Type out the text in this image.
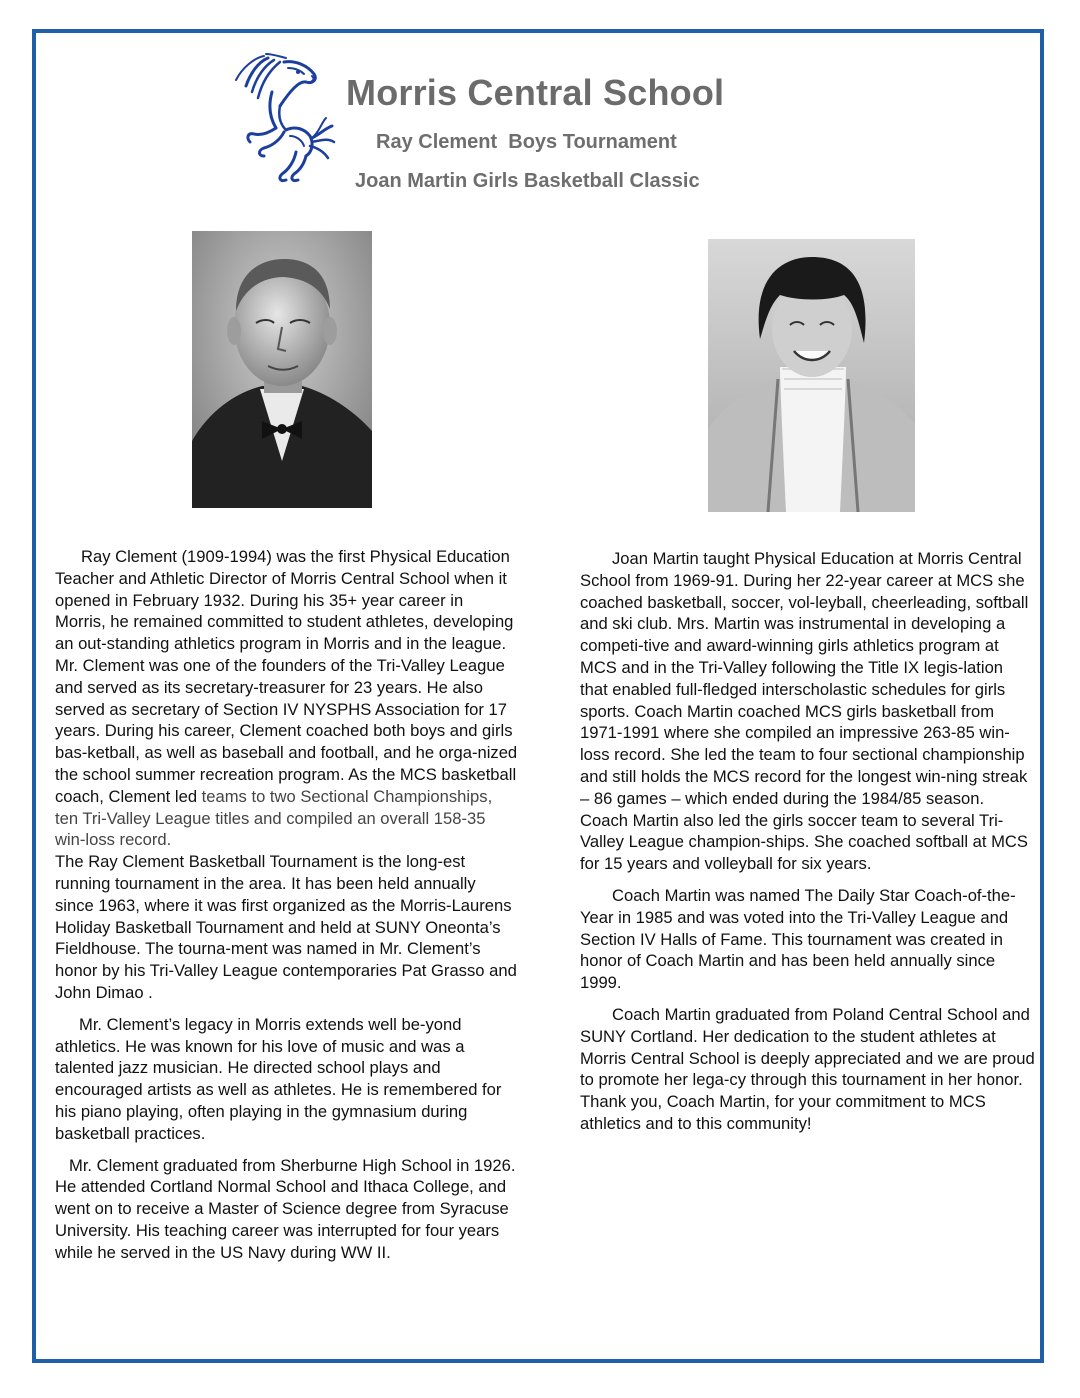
Morris Central School
Ray Clement  Boys Tournament
Joan Martin Girls Basketball Classic

Ray Clement (1909-1994) was the first Physical Education Teacher and Athletic Director of Morris Central School when it opened in February 1932. During his 35+ year career in Morris, he remained committed to student athletes, developing an out-standing athletics program in Morris and in the league. Mr. Clement was one of the founders of the Tri-Valley League and served as its secretary-treasurer for 23 years. He also served as secretary of Section IV NYSPHS Association for 17 years. During his career, Clement coached both boys and girls bas-ketball, as well as baseball and football, and he orga-nized the school summer recreation program. As the MCS basketball coach, Clement led teams to two Sectional Championships, ten Tri-Valley League titles and compiled an overall 158-35 win-loss record.
The Ray Clement Basketball Tournament is the long-est running tournament in the area. It has been held annually since 1963, where it was first organized as the Morris-Laurens Holiday Basketball Tournament and held at SUNY Oneonta’s Fieldhouse. The tourna-ment was named in Mr. Clement’s honor by his Tri-Valley League contemporaries Pat Grasso and John Dimao .

Mr. Clement’s legacy in Morris extends well be-yond athletics. He was known for his love of music and was a talented jazz musician. He directed school plays and encouraged artists as well as athletes. He is remembered for his piano playing, often playing in the gymnasium during basketball practices.

Mr. Clement graduated from Sherburne High School in 1926. He attended Cortland Normal School and Ithaca College, and went on to receive a Master of Science degree from Syracuse University. His teaching career was interrupted for four years while he served in the US Navy during WW II.

Joan Martin taught Physical Education at Morris Central School from 1969-91. During her 22-year career at MCS she coached basketball, soccer, vol-leyball, cheerleading, softball and ski club. Mrs. Martin was instrumental in developing a competi-tive and award-winning girls athletics program at MCS and in the Tri-Valley following the Title IX legis-lation that enabled full-fledged interscholastic schedules for girls sports. Coach Martin coached MCS girls basketball from 1971-1991 where she compiled an impressive 263-85 win-loss record. She led the team to four sectional championship and still holds the MCS record for the longest win-ning streak – 86 games – which ended during the 1984/85 season. Coach Martin also led the girls soccer team to several Tri-Valley League champion-ships. She coached softball at MCS for 15 years and volleyball for six years.

Coach Martin was named The Daily Star Coach-of-the-Year in 1985 and was voted into the Tri-Valley League and Section IV Halls of Fame. This tournament was created in honor of Coach Martin and has been held annually since 1999.

Coach Martin graduated from Poland Central School and SUNY Cortland. Her dedication to the student athletes at Morris Central School is deeply appreciated and we are proud to promote her lega-cy through this tournament in her honor. Thank you, Coach Martin, for your commitment to MCS athletics and to this community!
